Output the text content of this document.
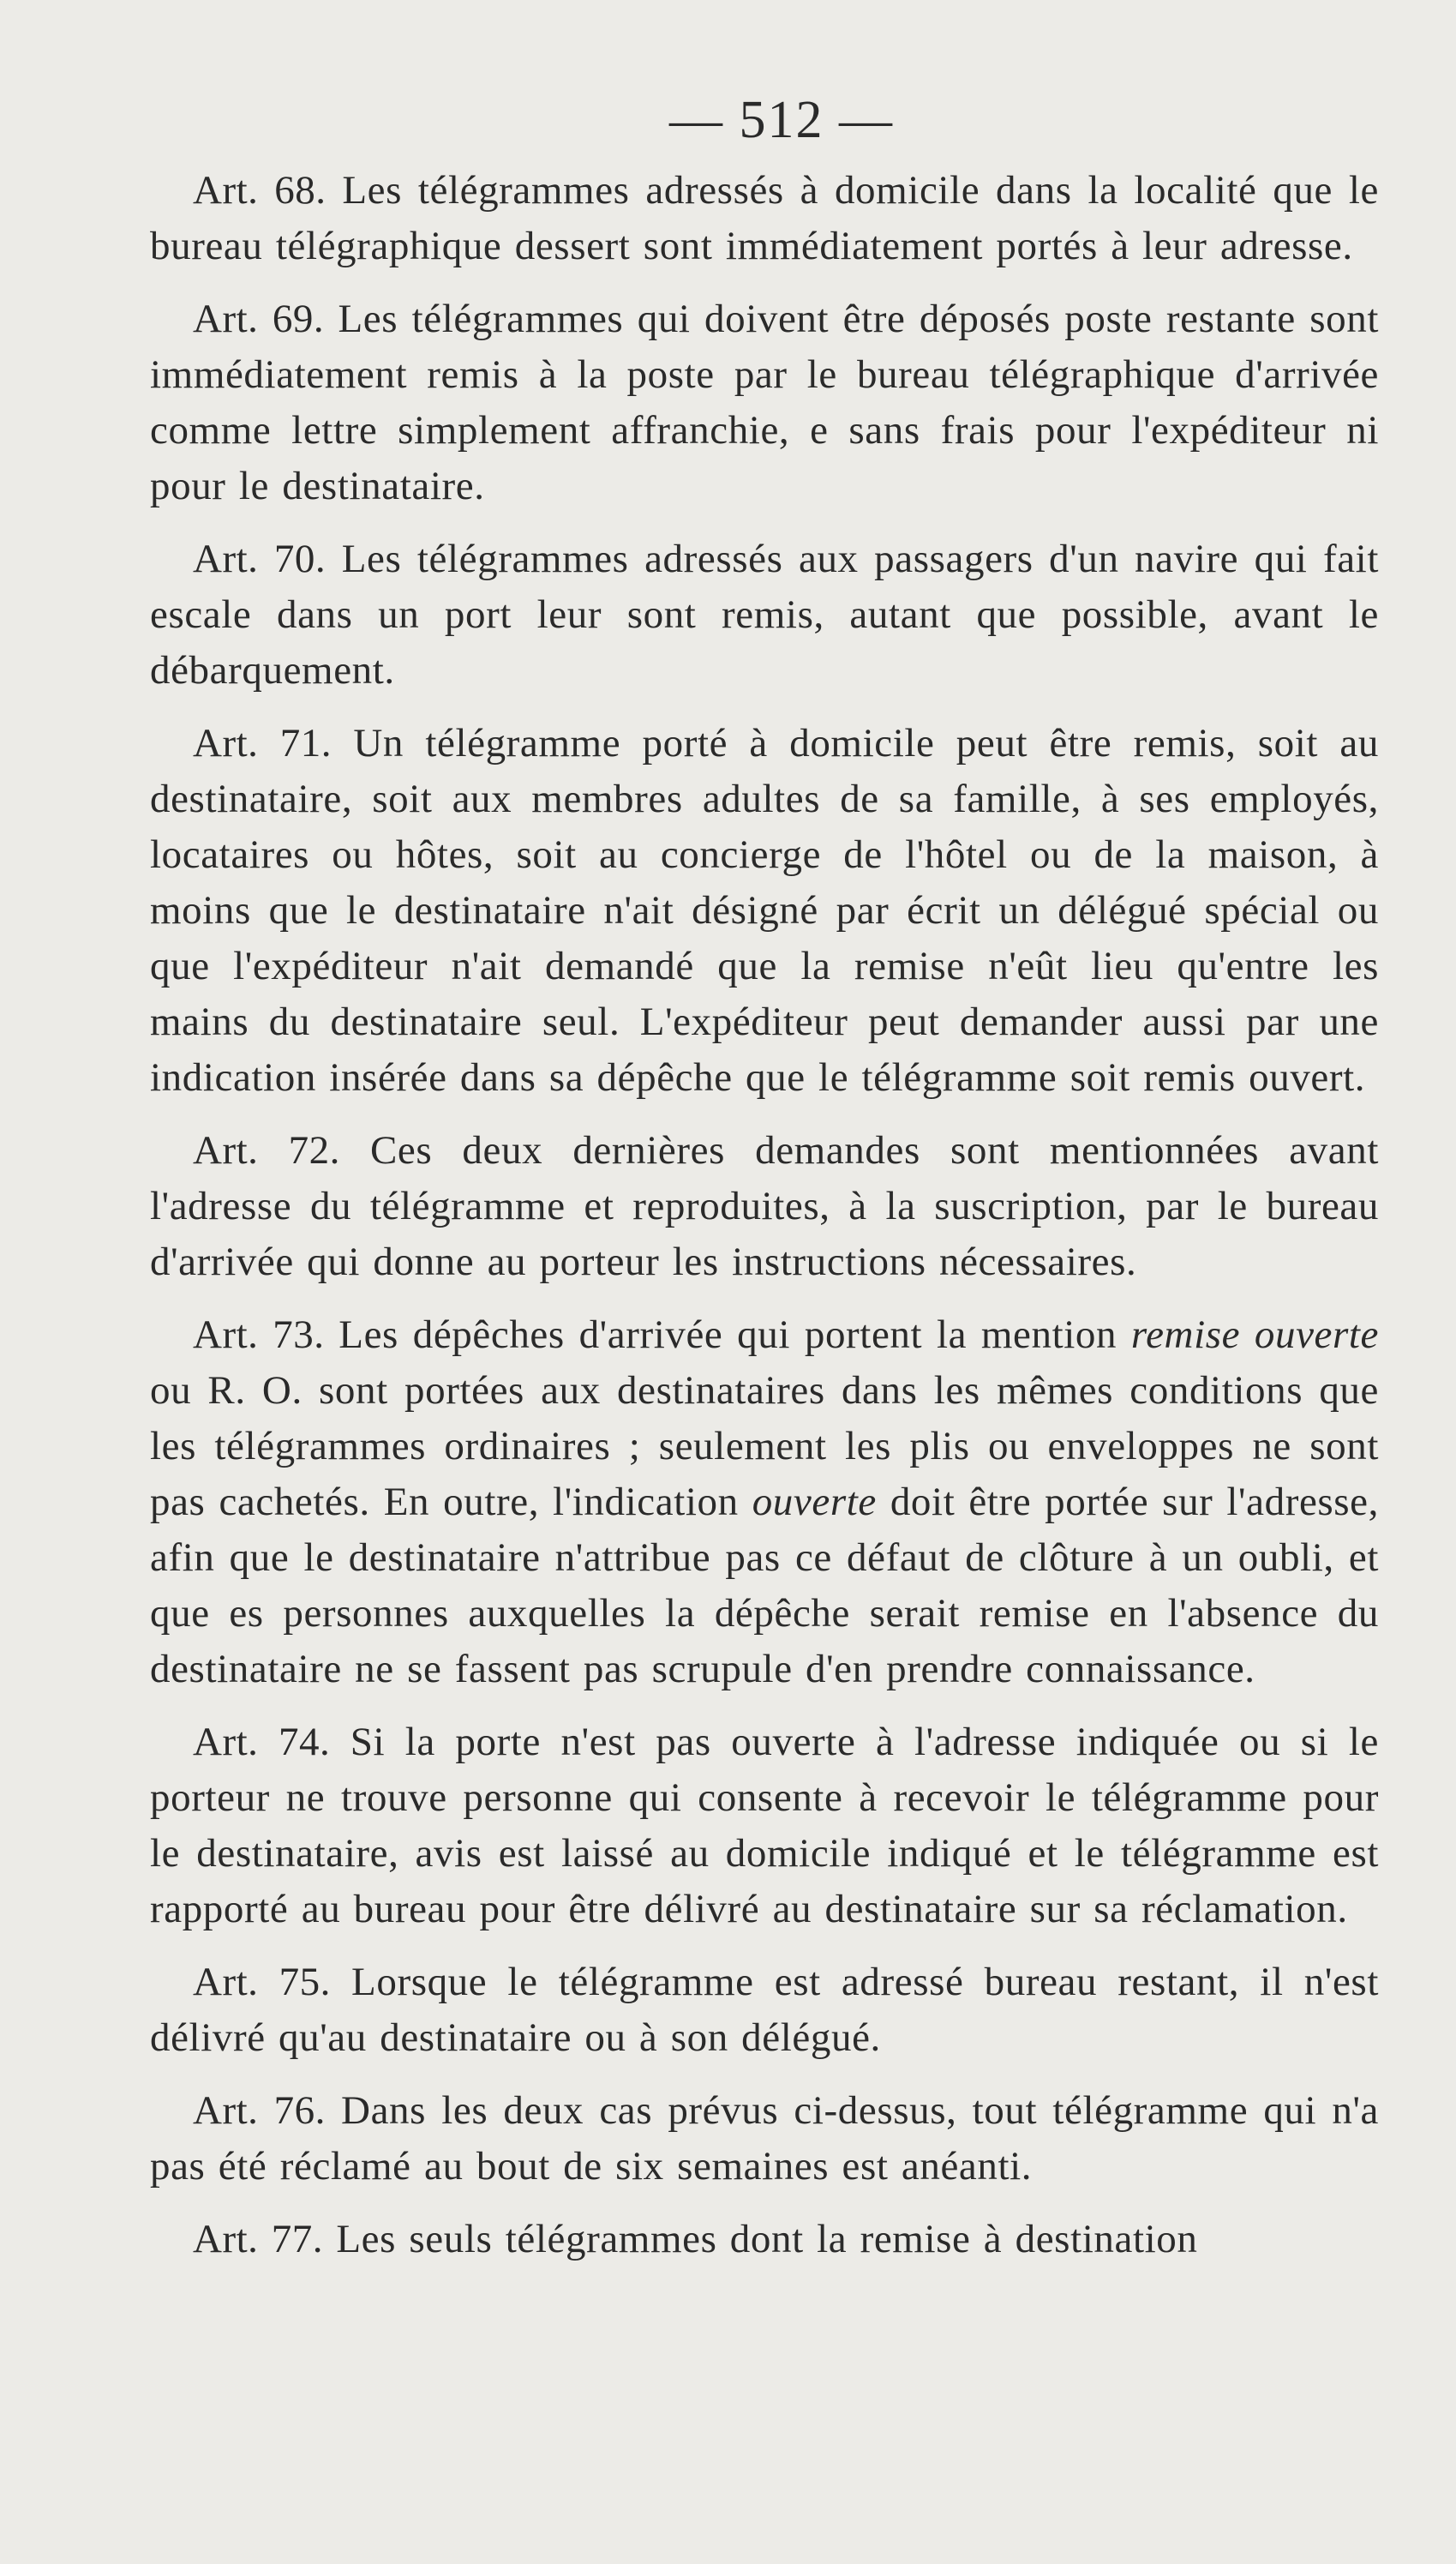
— 512 —

Art. 68. Les télégrammes adressés à domicile dans la localité que le bureau télégraphique dessert sont immédiatement portés à leur adresse.

Art. 69. Les télégrammes qui doivent être déposés poste restante sont immédiatement remis à la poste par le bureau télégraphique d'arrivée comme lettre simplement affranchie, e sans frais pour l'expéditeur ni pour le destinataire.

Art. 70. Les télégrammes adressés aux passagers d'un navire qui fait escale dans un port leur sont remis, autant que possible, avant le débarquement.

Art. 71. Un télégramme porté à domicile peut être remis, soit au destinataire, soit aux membres adultes de sa famille, à ses employés, locataires ou hôtes, soit au concierge de l'hôtel ou de la maison, à moins que le destinataire n'ait désigné par écrit un délégué spécial ou que l'expéditeur n'ait demandé que la remise n'eût lieu qu'entre les mains du destinataire seul. L'expéditeur peut demander aussi par une indication insérée dans sa dépêche que le télégramme soit remis ouvert.

Art. 72. Ces deux dernières demandes sont mentionnées avant l'adresse du télégramme et reproduites, à la suscription, par le bureau d'arrivée qui donne au porteur les instructions nécessaires.

Art. 73. Les dépêches d'arrivée qui portent la mention remise ouverte ou R. O. sont portées aux destinataires dans les mêmes conditions que les télégrammes ordinaires ; seulement les plis ou enveloppes ne sont pas cachetés. En outre, l'indication ouverte doit être portée sur l'adresse, afin que le destinataire n'attribue pas ce défaut de clôture à un oubli, et que es personnes auxquelles la dépêche serait remise en l'absence du destinataire ne se fassent pas scrupule d'en prendre connaissance.

Art. 74. Si la porte n'est pas ouverte à l'adresse indiquée ou si le porteur ne trouve personne qui consente à recevoir le télégramme pour le destinataire, avis est laissé au domicile indiqué et le télégramme est rapporté au bureau pour être délivré au destinataire sur sa réclamation.

Art. 75. Lorsque le télégramme est adressé bureau restant, il n'est délivré qu'au destinataire ou à son délégué.

Art. 76. Dans les deux cas prévus ci-dessus, tout télégramme qui n'a pas été réclamé au bout de six semaines est anéanti.

Art. 77. Les seuls télégrammes dont la remise à destination
